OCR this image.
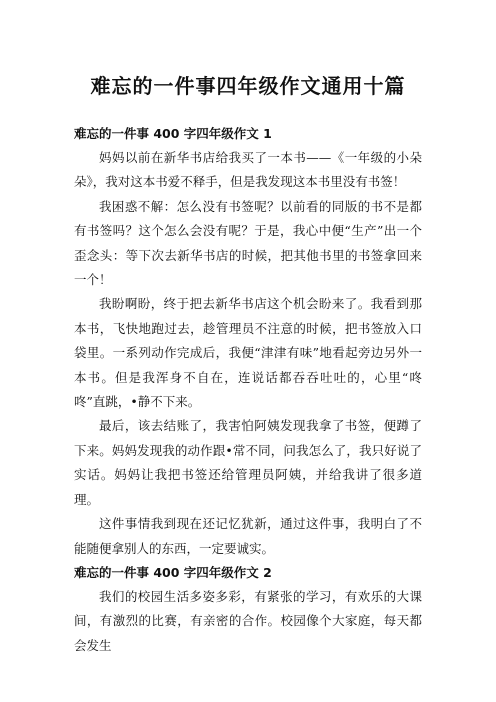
难忘的一件事四年级作文通用十篇

难忘的一件事 400 字四年级作文 1

妈妈以前在新华书店给我买了一本书——《一年级的小朵朵》，我对这本书爱不释手，但是我发现这本书里没有书签！

我困惑不解：怎么没有书签呢？以前看的同版的书不是都有书签吗？这个怎么会没有呢？于是，我心中便“生产”出一个歪念头：等下次去新华书店的时候，把其他书里的书签拿回来一个！

我盼啊盼，终于把去新华书店这个机会盼来了。我看到那本书，飞快地跑过去，趁管理员不注意的时候，把书签放入口袋里。一系列动作完成后，我便“津津有味”地看起旁边另外一本书。但是我浑身不自在，连说话都吞吞吐吐的，心里“咚咚”直跳，•静不下来。

最后，该去结账了，我害怕阿姨发现我拿了书签，便蹲了下来。妈妈发现我的动作跟•常不同，问我怎么了，我只好说了实话。妈妈让我把书签还给管理员阿姨，并给我讲了很多道理。

这件事情我到现在还记忆犹新，通过这件事，我明白了不能随便拿别人的东西，一定要诚实。

难忘的一件事 400 字四年级作文 2

我们的校园生活多姿多彩，有紧张的学习，有欢乐的大课间，有激烈的比赛，有亲密的合作。校园像个大家庭，每天都会发生
